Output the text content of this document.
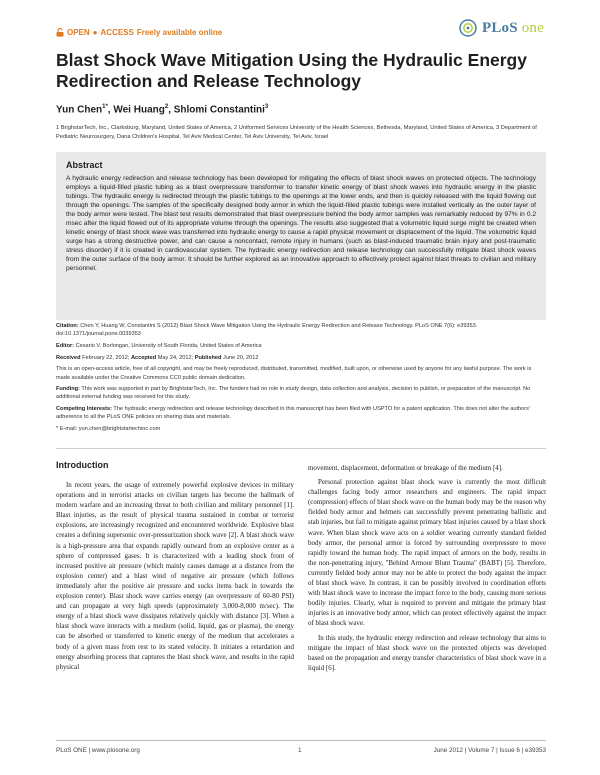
OPEN ● ACCESS Freely available online	PLoS one
Blast Shock Wave Mitigation Using the Hydraulic Energy Redirection and Release Technology
Yun Chen$^{1*}$, Wei Huang$^2$, Shlomi Constantini$^3$
1 BrighstarTech, Inc., Clarksburg, Maryland, United States of America, 2 Uniformed Services University of the Health Sciences, Bethesda, Maryland, United States of America, 3 Department of Pediatric Neurosurgery, Dana Children's Hospital, Tel Aviv Medical Center, Tel Aviv University, Tel Aviv, Israel
Abstract

A hydraulic energy redirection and release technology has been developed for mitigating the effects of blast shock waves on protected objects. The technology employs a liquid-filled plastic tubing as a blast overpressure transformer to transfer kinetic energy of blast shock waves into hydraulic energy in the plastic tubings. The hydraulic energy is redirected through the plastic tubings to the openings at the lower ends, and then is quickly released with the liquid flowing out through the openings. The samples of the specifically designed body armor in which the liquid-filled plastic tubings were installed vertically as the outer layer of the body armor were tested. The blast test results demonstrated that blast overpressure behind the body armor samples was remarkably reduced by 97% in 0.2 msec after the liquid flowed out of its appropriate volume through the openings. The results also suggested that a volumetric liquid surge might be created when kinetic energy of blast shock wave was transferred into hydraulic energy to cause a rapid physical movement or displacement of the liquid. The volumetric liquid surge has a strong destructive power, and can cause a noncontact, remote injury in humans (such as blast-induced traumatic brain injury and post-traumatic stress disorder) if it is created in cardiovascular system. The hydraulic energy redirection and release technology can successfully mitigate blast shock waves from the outer surface of the body armor. It should be further explored as an innovative approach to effectively protect against blast threats to civilian and military personnel.

Citation: Chen Y, Huang W, Constantini S (2012) Blast Shock Wave Mitigation Using the Hydraulic Energy Redirection and Release Technology. PLoS ONE 7(6): e39353. doi:10.1371/journal.pone.0039353

Editor: Cesario V. Borlongan, University of South Florida, United States of America

Received February 22, 2012; Accepted May 24, 2012; Published June 20, 2012

This is an open-access article, free of all copyright, and may be freely reproduced, distributed, transmitted, modified, built upon, or otherwise used by anyone for any lawful purpose. The work is made available under the Creative Commons CC0 public domain dedication.

Funding: This work was supported in part by BrightstarTech, Inc. The funders had no role in study design, data collection and analysis, decision to publish, or preparation of the manuscript. No additional external funding was received for this study.

Competing Interests: The hydraulic energy redirection and release technology described in this manuscript has been filed with USPTO for a patent application. This does not alter the authors' adherence to all the PLoS ONE policies on sharing data and materials.

* E-mail: yun.chen@brightstartechinc.com

Introduction

In recent years, the usage of extremely powerful explosive devices in military operations and in terrorist attacks on civilian targets has become the hallmark of modern warfare and an increasing threat to both civilian and military personnel [1]. Blast injuries, as the result of physical trauma sustained in combat or terrorist explosions, are increasingly recognized and encountered worldwide. Explosive blast creates a defining supersonic over-pressurization shock wave [2]. A blast shock wave is a high-pressure area that expands rapidly outward from an explosive center as a sphere of compressed gases. It is characterized with a leading shock front of increased positive air pressure (which mainly causes damage at a distance from the explosion center) and a blast wind of negative air pressure (which follows immediately after the positive air pressure and sucks items back in towards the explosion center). Blast shock wave carries energy (an overpressure of 60-80 PSI) and can propagate at very high speeds (approximately 3,000-8,000 m/sec). The energy of a blast shock wave dissipates relatively quickly with distance [3]. When a blast shock wave interacts with a medium (solid, liquid, gas or plasma), the energy can be absorbed or transferred to kinetic energy of the medium that accelerates a body of a given mass from rest to its stated velocity. It initiates a retardation and energy absorbing process that captures the blast shock wave, and results in the rapid physical

movement, displacement, deformation or breakage of the medium [4].

Personal protection against blast shock wave is currently the most difficult challenges facing body armor researchers and engineers. The rapid impact (compression) effects of blast shock wave on the human body may be the reason why fielded body armor and helmets can successfully prevent penetrating ballistic and stab injuries, but fail to mitigate against primary blast injuries caused by a blast shock wave. When blast shock wave acts on a soldier wearing currently standard fielded body armor, the personal armor is forced by surrounding overpressure to move rapidly toward the human body. The rapid impact of armors on the body, results in the non-penetrating injury, "Behind Armour Blunt Trauma" (BABT) [5]. Therefore, currently fielded body armor may not be able to protect the body against the impact of blast shock wave. In contrast, it can be possibly involved in coordination efforts with blast shock wave to increase the impact force to the body, causing more serious bodily injuries. Clearly, what is required to prevent and mitigate the primary blast injuries is an innovative body armor, which can protect effectively against the impact of blast shock wave.

In this study, the hydraulic energy redirection and release technology that aims to mitigate the impact of blast shock wave on the protected objects was developed based on the propagation and energy transfer characteristics of blast shock wave in a liquid [6].

PLoS ONE | www.plosone.org	1	June 2012 | Volume 7 | Issue 6 | e39353
